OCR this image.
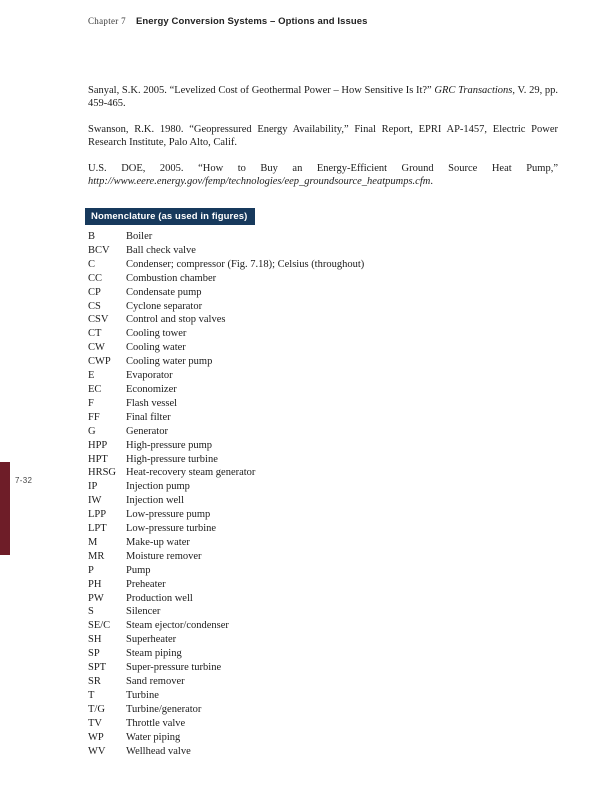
Chapter 7 Energy Conversion Systems – Options and Issues

Sanyal, S.K. 2005. “Levelized Cost of Geothermal Power – How Sensitive Is It?” GRC Transactions, V. 29, pp. 459-465.

Swanson, R.K. 1980. “Geopressured Energy Availability,” Final Report, EPRI AP-1457, Electric Power Research Institute, Palo Alto, Calif.

U.S. DOE, 2005. “How to Buy an Energy-Efficient Ground Source Heat Pump,” http://www.eere.energy.gov/femp/technologies/eep_groundsource_heatpumps.cfm.

Nomenclature (as used in figures)
B	Boiler
BCV	Ball check valve
C	Condenser; compressor (Fig. 7.18); Celsius (throughout)
CC	Combustion chamber
CP	Condensate pump
CS	Cyclone separator
CSV	Control and stop valves
CT	Cooling tower
CW	Cooling water
CWP	Cooling water pump
E	Evaporator
EC	Economizer
F	Flash vessel
FF	Final filter
G	Generator
HPP	High-pressure pump
HPT	High-pressure turbine
HRSG Heat-recovery steam generator
IP	Injection pump
IW	Injection well
LPP	Low-pressure pump
LPT	Low-pressure turbine
M	Make-up water
MR	Moisture remover
P	Pump
PH	Preheater
PW	Production well
S	Silencer
SE/C	Steam ejector/condenser
SH	Superheater
SP	Steam piping
SPT	Super-pressure turbine
SR	Sand remover
T	Turbine
T/G	Turbine/generator
TV	Throttle valve
WP	Water piping
WV	Wellhead valve
7-32
